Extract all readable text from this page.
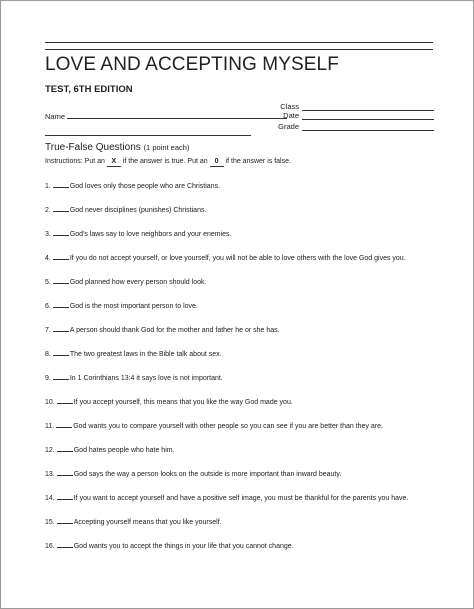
LOVE AND ACCEPTING MYSELF
TEST, 6TH EDITION
Name
Class
Date
Grade
True-False Questions (1 point each)
Instructions: Put an X if the answer is true. Put an 0 if the answer is false.
1.	God loves only those people who are Christians.
2.	God never disciplines (punishes) Christians.
3.	God's laws say to love neighbors and your enemies.
4.	If you do not accept yourself, or love yourself, you will not be able to love others with the love God gives you.
5.	God planned how every person should look.
6.	God is the most important person to love.
7.	A person should thank God for the mother and father he or she has.
8.	The two greatest laws in the Bible talk about sex.
9.	In 1 Corinthians 13:4 it says love is not important.
10.	If you accept yourself, this means that you like the way God made you.
11.	God wants you to compare yourself with other people so you can see if you are better than they are.
12.	God hates people who hate him.
13.	God says the way a person looks on the outside is more important than inward beauty.
14.	If you want to accept yourself and have a positive self image, you must be thankful for the parents you have.
15.	Accepting yourself means that you like yourself.
16.	God wants you to accept the things in your life that you cannot change.
